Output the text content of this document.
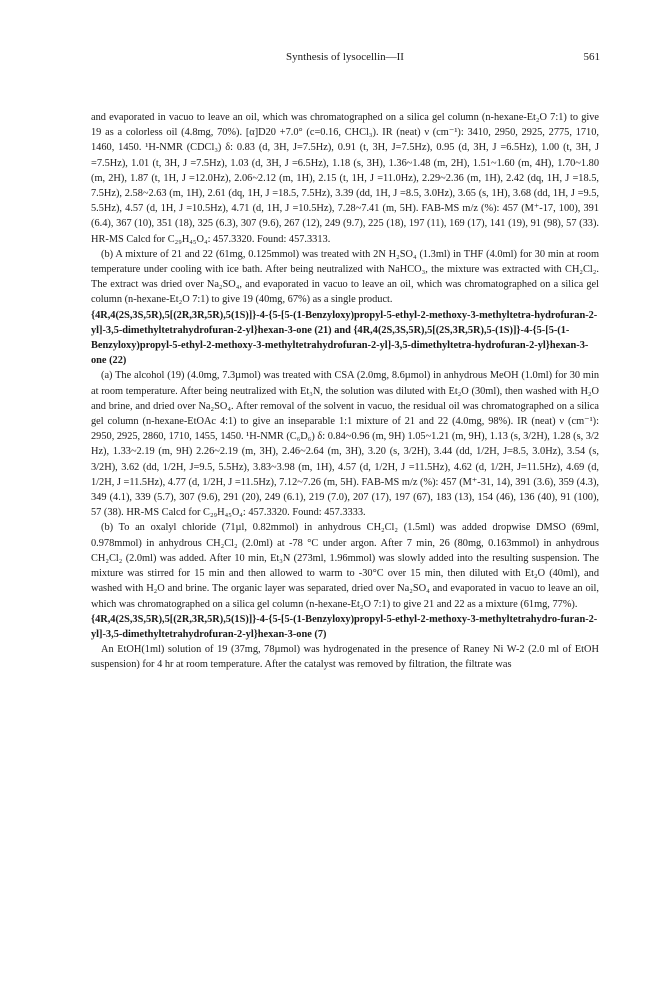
Synthesis of lysocellin—II	561

and evaporated in vacuo to leave an oil, which was chromatographed on a silica gel column (n-hexane-Et₂O 7:1) to give 19 as a colorless oil (4.8mg, 70%). [α]D20 +7.0° (c=0.16, CHCl₃). IR (neat) ν (cm⁻¹): 3410, 2950, 2925, 2775, 1710, 1460, 1450. ¹H-NMR (CDCl₃) δ: 0.83 (d, 3H, J=7.5Hz), 0.91 (t, 3H, J=7.5Hz), 0.95 (d, 3H, J =6.5Hz), 1.00 (t, 3H, J =7.5Hz), 1.01 (t, 3H, J =7.5Hz), 1.03 (d, 3H, J =6.5Hz), 1.18 (s, 3H), 1.36~1.48 (m, 2H), 1.51~1.60 (m, 4H), 1.70~1.80 (m, 2H), 1.87 (t, 1H, J =12.0Hz), 2.06~2.12 (m, 1H), 2.15 (t, 1H, J =11.0Hz), 2.29~2.36 (m, 1H), 2.42 (dq, 1H, J =18.5, 7.5Hz), 2.58~2.63 (m, 1H), 2.61 (dq, 1H, J =18.5, 7.5Hz), 3.39 (dd, 1H, J =8.5, 3.0Hz), 3.65 (s, 1H), 3.68 (dd, 1H, J =9.5, 5.5Hz), 4.57 (d, 1H, J =10.5Hz), 4.71 (d, 1H, J =10.5Hz), 7.28~7.41 (m, 5H). FAB-MS m/z (%): 457 (M⁺-17, 100), 391 (6.4), 367 (10), 351 (18), 325 (6.3), 307 (9.6), 267 (12), 249 (9.7), 225 (18), 197 (11), 169 (17), 141 (19), 91 (98), 57 (33). HR-MS Calcd for C₂₉H₄₅O₄: 457.3320. Found: 457.3313.

(b) A mixture of 21 and 22 (61mg, 0.125mmol) was treated with 2N H₂SO₄ (1.3ml) in THF (4.0ml) for 30 min at room temperature under cooling with ice bath. After being neutralized with NaHCO₃, the mixture was extracted with CH₂Cl₂. The extract was dried over Na₂SO₄, and evaporated in vacuo to leave an oil, which was chromatographed on a silica gel column (n-hexane-Et₂O 7:1) to give 19 (40mg, 67%) as a single product.

{4R,4(2S,3S,5R),5[(2R,3R,5R),5(1S)]}-4-{5-[5-(1-Benzyloxy)propyl-5-ethyl-2-methoxy-3-methyltetra-hydrofuran-2-yl]-3,5-dimethyltetrahydrofuran-2-yl}hexan-3-one (21) and {4R,4(2S,3S,5R),5[(2S,3R,5R),5-(1S)]}-4-{5-[5-(1-Benzyloxy)propyl-5-ethyl-2-methoxy-3-methyltetrahydrofuran-2-yl]-3,5-dimethyltetra-hydrofuran-2-yl}hexan-3-one (22)

(a) The alcohol (19) (4.0mg, 7.3µmol) was treated with CSA (2.0mg, 8.6µmol) in anhydrous MeOH (1.0ml) for 30 min at room temperature. After being neutralized with Et₃N, the solution was diluted with Et₂O (30ml), then washed with H₂O and brine, and dried over Na₂SO₄. After removal of the solvent in vacuo, the residual oil was chromatographed on a silica gel column (n-hexane-EtOAc 4:1) to give an inseparable 1:1 mixture of 21 and 22 (4.0mg, 98%). IR (neat) ν (cm⁻¹): 2950, 2925, 2860, 1710, 1455, 1450. ¹H-NMR (C₆D₆) δ: 0.84~0.96 (m, 9H) 1.05~1.21 (m, 9H), 1.13 (s, 3/2H), 1.28 (s, 3/2 Hz), 1.33~2.19 (m, 9H) 2.26~2.19 (m, 3H), 2.46~2.64 (m, 3H), 3.20 (s, 3/2H), 3.44 (dd, 1/2H, J=8.5, 3.0Hz), 3.54 (s, 3/2H), 3.62 (dd, 1/2H, J=9.5, 5.5Hz), 3.83~3.98 (m, 1H), 4.57 (d, 1/2H, J =11.5Hz), 4.62 (d, 1/2H, J=11.5Hz), 4.69 (d, 1/2H, J =11.5Hz), 4.77 (d, 1/2H, J =11.5Hz), 7.12~7.26 (m, 5H). FAB-MS m/z (%): 457 (M⁺-31, 14), 391 (3.6), 359 (4.3), 349 (4.1), 339 (5.7), 307 (9.6), 291 (20), 249 (6.1), 219 (7.0), 207 (17), 197 (67), 183 (13), 154 (46), 136 (40), 91 (100), 57 (38). HR-MS Calcd for C₂₉H₄₅O₄: 457.3320. Found: 457.3333.

(b) To an oxalyl chloride (71µl, 0.82mmol) in anhydrous CH₂Cl₂ (1.5ml) was added dropwise DMSO (69ml, 0.978mmol) in anhydrous CH₂Cl₂ (2.0ml) at -78 °C under argon. After 7 min, 26 (80mg, 0.163mmol) in anhydrous CH₂Cl₂ (2.0ml) was added. After 10 min, Et₃N (273ml, 1.96mmol) was slowly added into the resulting suspension. The mixture was stirred for 15 min and then allowed to warm to -30°C over 15 min, then diluted with Et₂O (40ml), and washed with H₂O and brine. The organic layer was separated, dried over Na₂SO₄ and evaporated in vacuo to leave an oil, which was chromatographed on a silica gel column (n-hexane-Et₂O 7:1) to give 21 and 22 as a mixture (61mg, 77%).

{4R,4(2S,3S,5R),5[(2R,3R,5R),5(1S)]}-4-{5-[5-(1-Benzyloxy)propyl-5-ethyl-2-methoxy-3-methyltetrahydro-furan-2-yl]-3,5-dimethyltetrahydrofuran-2-yl}hexan-3-one (7)

An EtOH(1ml) solution of 19 (37mg, 78µmol) was hydrogenated in the presence of Raney Ni W-2 (2.0 ml of EtOH suspension) for 4 hr at room temperature. After the catalyst was removed by filtration, the filtrate was
